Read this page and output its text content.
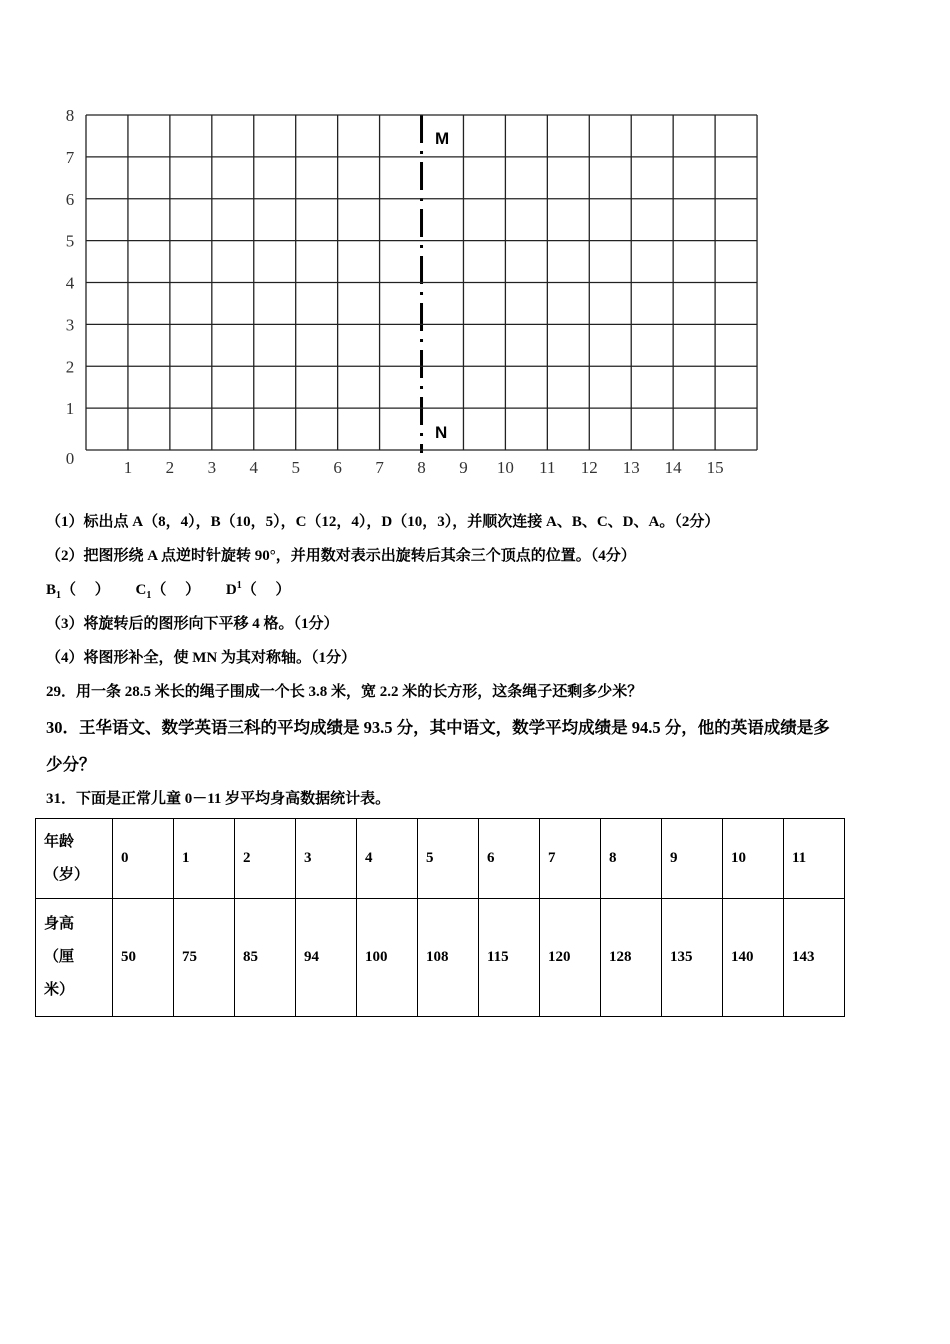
8
7
6
5
4
3
2
1
0	15
14
13
12
11
10
9
8
7
6
5
4
3
2
1
M
N
（1）标出点 A（8，4），B（10，5），C（12，4），D（10，3），并顺次连接 A、B、C、D、A。（2分）
（2）把图形绕 A 点逆时针旋转 90°，并用数对表示出旋转后其余三个顶点的位置。（4分）
$B_1$（　 ） $C_1$（　 ） $D^1$（　 ）
（3）将旋转后的图形向下平移 4 格。（1分）
（4）将图形补全，使 MN 为其对称轴。（1分）
29．用一条 28.5 米长的绳子围成一个长 3.8 米，宽 2.2 米的长方形，这条绳子还剩多少米？
30．王华语文、数学英语三科的平均成绩是 93.5 分，其中语文，数学平均成绩是 94.5 分，他的英语成绩是多
少分？
31．下面是正常儿童 0－11 岁平均身高数据统计表。
年龄
（岁）	0	1	2	3	4	5	6	7	8	9	10	11

身高
（厘
米）	50	75	85	94	100	108	115	120	128	135	140	143
